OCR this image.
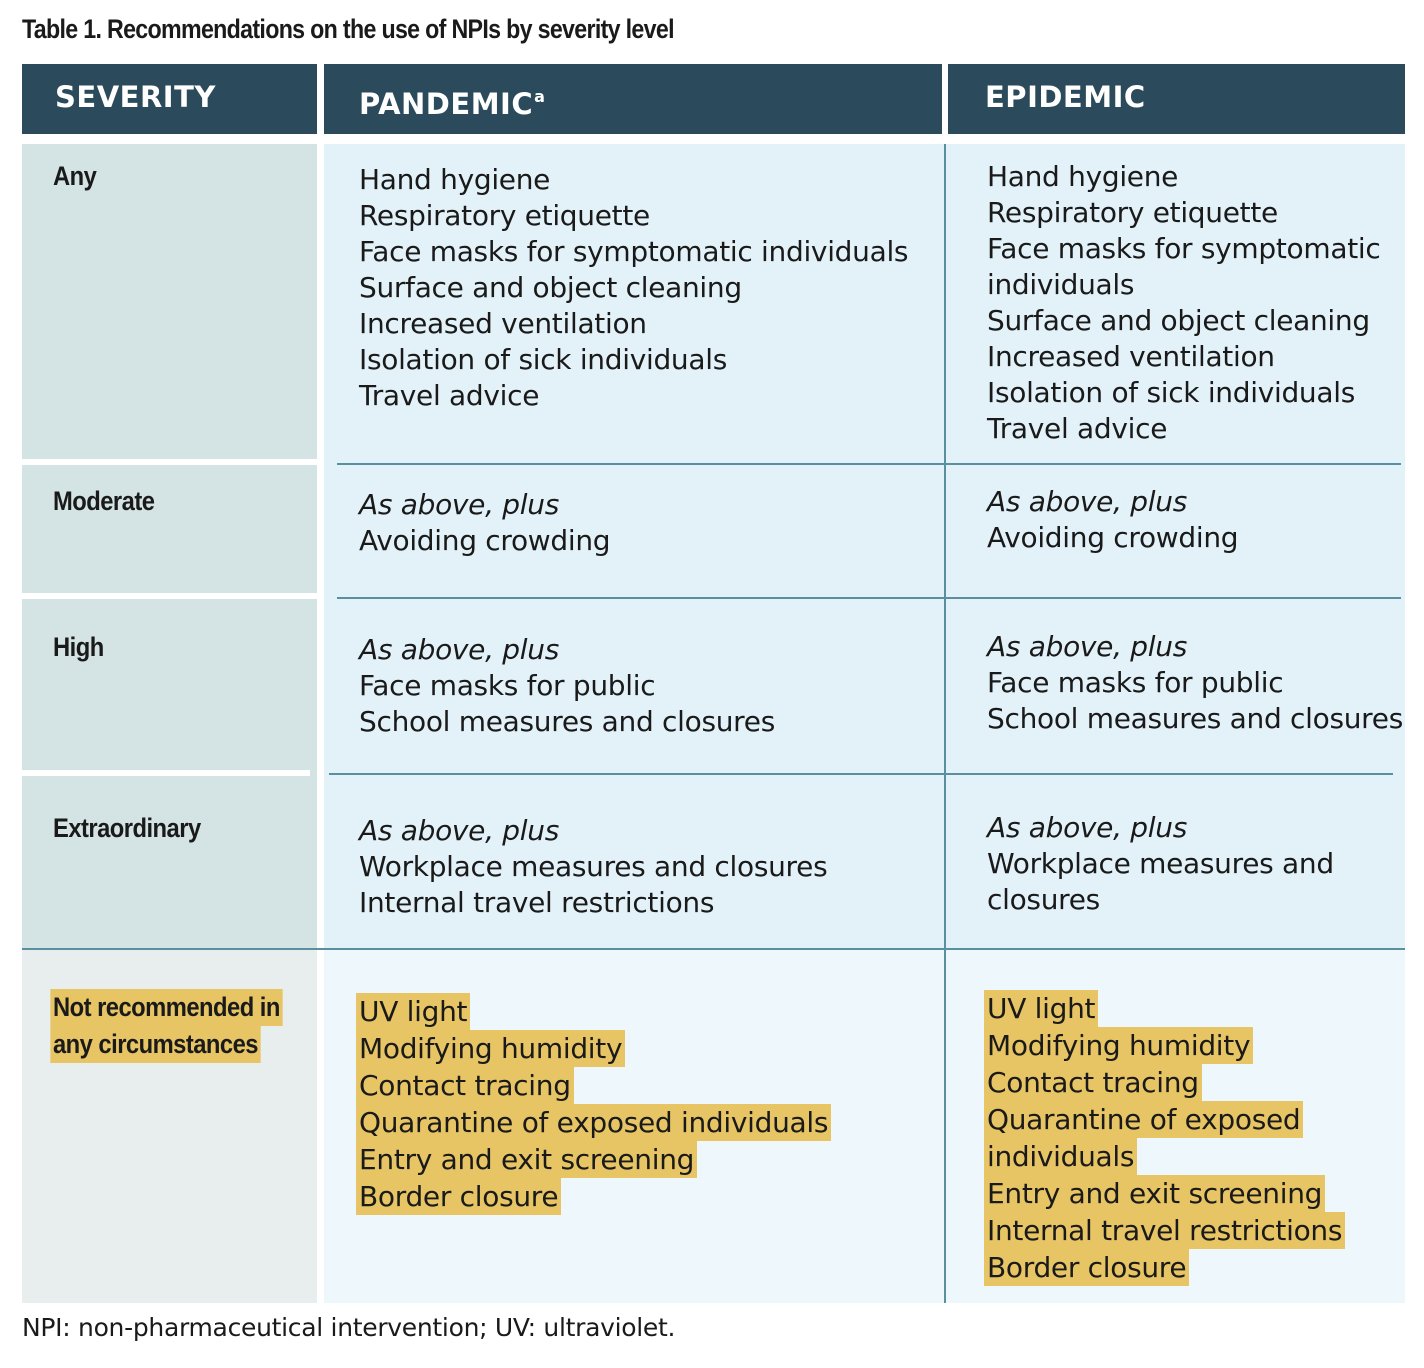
Table 1. Recommendations on the use of NPIs by severity level
SEVERITY	PANDEMIC$^a$	EPIDEMIC
Any
Moderate
High
Extraordinary
Not recommended in
any circumstances
Hand hygiene
Respiratory etiquette
Face masks for symptomatic individuals
Surface and object cleaning
Increased ventilation
Isolation of sick individuals
Travel advice
Hand hygiene
Respiratory etiquette
Face masks for symptomatic
individuals
Surface and object cleaning
Increased ventilation
Isolation of sick individuals
Travel advice
As above, plus
Avoiding crowding
As above, plus
Avoiding crowding
As above, plus
Face masks for public
School measures and closures
As above, plus
Face masks for public
School measures and closures
As above, plus
Workplace measures and closures
Internal travel restrictions
As above, plus
Workplace measures and
closures
UV light
Modifying humidity
Contact tracing
Quarantine of exposed individuals
Entry and exit screening
Border closure
UV light
Modifying humidity
Contact tracing
Quarantine of exposed
individuals
Entry and exit screening
Internal travel restrictions
Border closure
NPI: non-pharmaceutical intervention; UV: ultraviolet.
